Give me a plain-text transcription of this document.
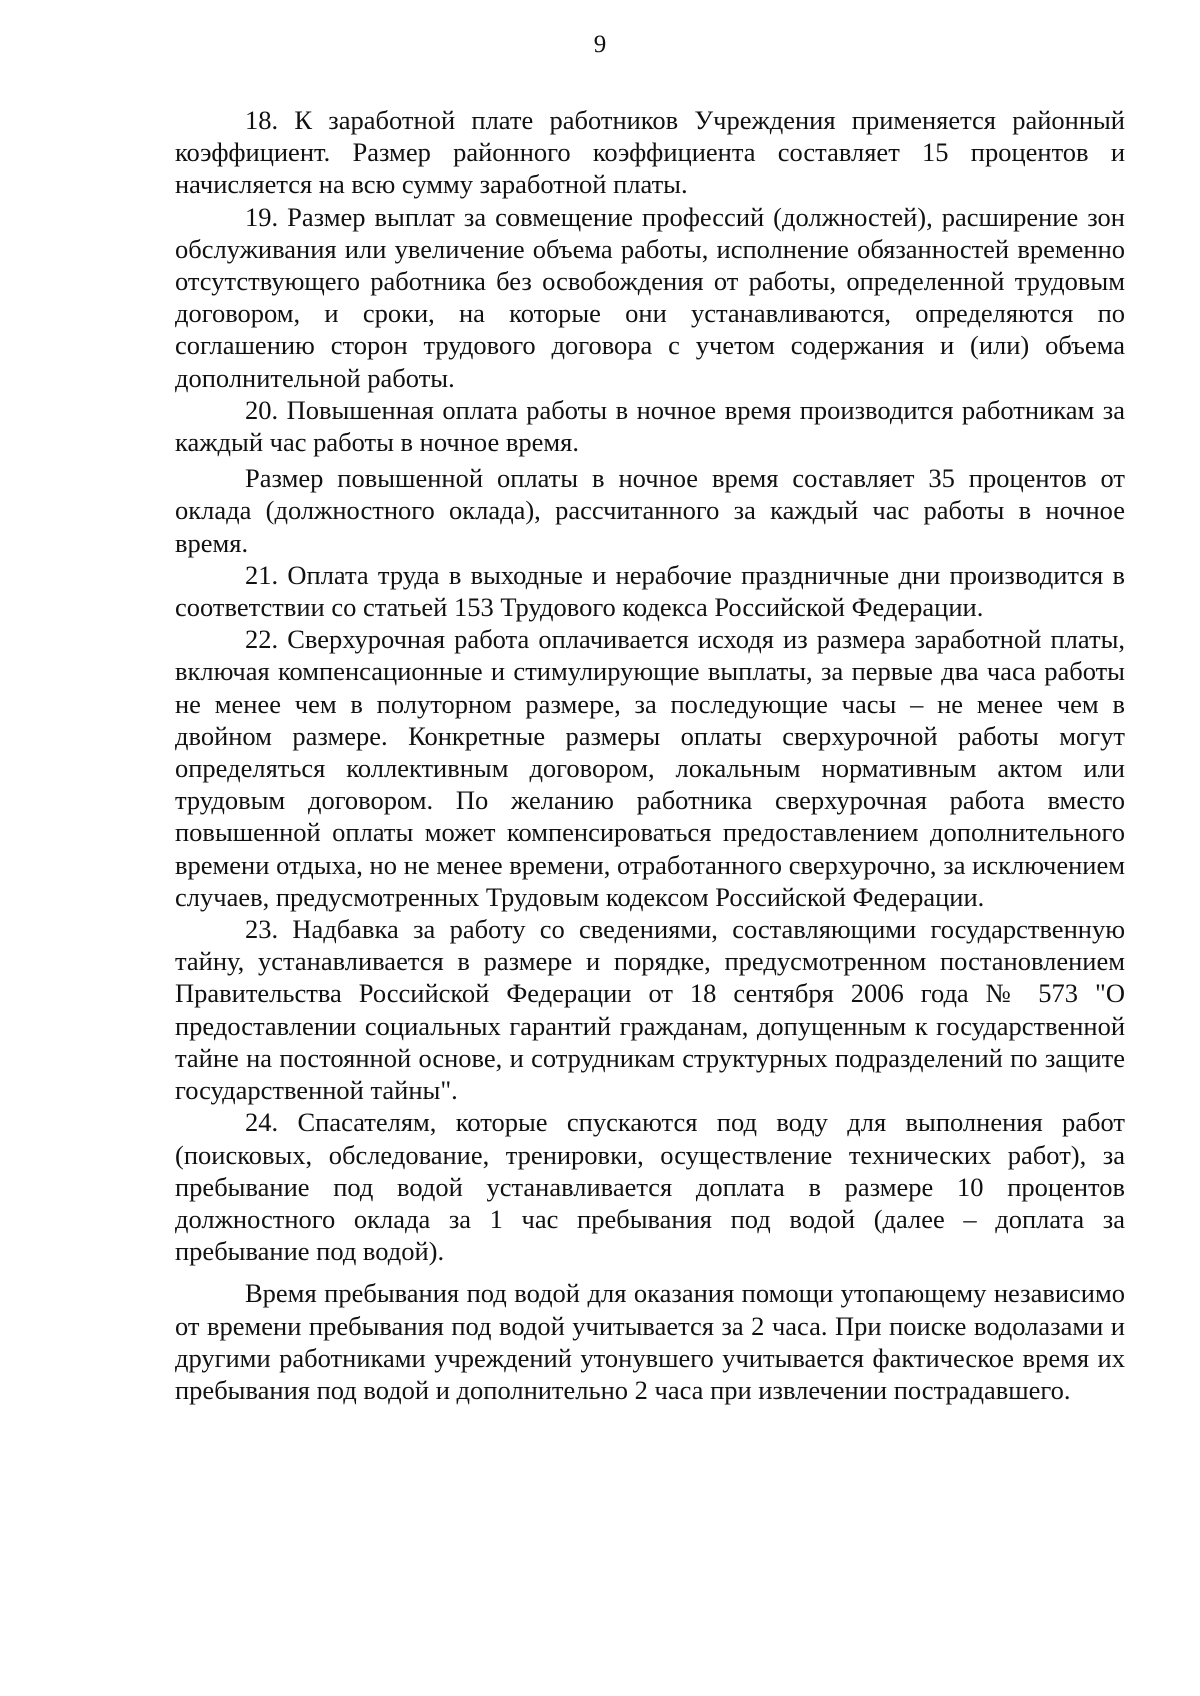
9

18. К заработной плате работников Учреждения применяется районный коэффициент. Размер районного коэффициента составляет 15 процентов и начисляется на всю сумму заработной платы.

19. Размер выплат за совмещение профессий (должностей), расширение зон обслуживания или увеличение объема работы, исполнение обязанностей временно отсутствующего работника без освобождения от работы, определенной трудовым договором, и сроки, на которые они устанавливаются, определяются по соглашению сторон трудового договора с учетом содержания и (или) объема дополнительной работы.

20. Повышенная оплата работы в ночное время производится работникам за каждый час работы в ночное время.

Размер повышенной оплаты в ночное время составляет 35 процентов от оклада (должностного оклада), рассчитанного за каждый час работы в ночное время.

21. Оплата труда в выходные и нерабочие праздничные дни производится в соответствии со статьей 153 Трудового кодекса Российской Федерации.

22. Сверхурочная работа оплачивается исходя из размера заработной платы, включая компенсационные и стимулирующие выплаты, за первые два часа работы не менее чем в полуторном размере, за последующие часы – не менее чем в двойном размере. Конкретные размеры оплаты сверхурочной работы могут определяться коллективным договором, локальным нормативным актом или трудовым договором. По желанию работника сверхурочная работа вместо повышенной оплаты может компенсироваться предоставлением дополнительного времени отдыха, но не менее времени, отработанного сверхурочно, за исключением случаев, предусмотренных Трудовым кодексом Российской Федерации.

23. Надбавка за работу со сведениями, составляющими государственную тайну, устанавливается в размере и порядке, предусмотренном постановлением Правительства Российской Федерации от 18 сентября 2006 года № 573 "О предоставлении социальных гарантий гражданам, допущенным к государственной тайне на постоянной основе, и сотрудникам структурных подразделений по защите государственной тайны".

24. Спасателям, которые спускаются под воду для выполнения работ (поисковых, обследование, тренировки, осуществление технических работ), за пребывание под водой устанавливается доплата в размере 10 процентов должностного оклада за 1 час пребывания под водой (далее – доплата за пребывание под водой).

Время пребывания под водой для оказания помощи утопающему независимо от времени пребывания под водой учитывается за 2 часа. При поиске водолазами и другими работниками учреждений утонувшего учитывается фактическое время их пребывания под водой и дополнительно 2 часа при извлечении пострадавшего.
